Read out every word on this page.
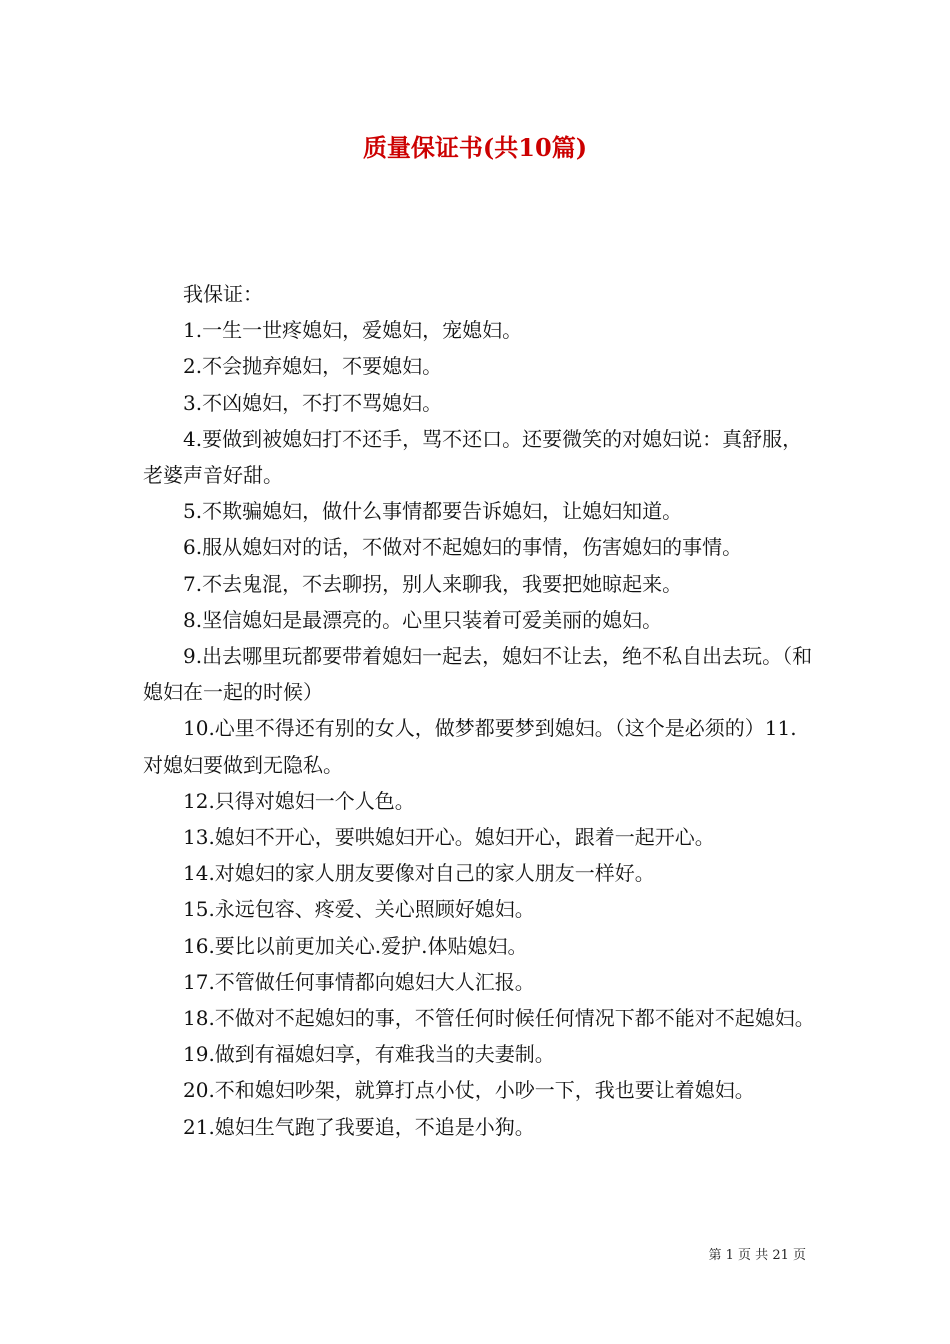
质量保证书(共10篇)

我保证：

1.一生一世疼媳妇，爱媳妇，宠媳妇。

2.不会抛弃媳妇，不要媳妇。

3.不凶媳妇，不打不骂媳妇。

4.要做到被媳妇打不还手，骂不还口。还要微笑的对媳妇说：真舒服，老婆声音好甜。

5.不欺骗媳妇，做什么事情都要告诉媳妇，让媳妇知道。

6.服从媳妇对的话，不做对不起媳妇的事情，伤害媳妇的事情。

7.不去鬼混，不去聊拐，别人来聊我，我要把她晾起来。

8.坚信媳妇是最漂亮的。心里只装着可爱美丽的媳妇。

9.出去哪里玩都要带着媳妇一起去，媳妇不让去，绝不私自出去玩。（和媳妇在一起的时候）

10.心里不得还有别的女人，做梦都要梦到媳妇。（这个是必须的）11.对媳妇要做到无隐私。

12.只得对媳妇一个人色。

13.媳妇不开心，要哄媳妇开心。媳妇开心，跟着一起开心。

14.对媳妇的家人朋友要像对自己的家人朋友一样好。

15.永远包容、疼爱、关心照顾好媳妇。

16.要比以前更加关心.爱护.体贴媳妇。

17.不管做任何事情都向媳妇大人汇报。

18.不做对不起媳妇的事，不管任何时候任何情况下都不能对不起媳妇。

19.做到有福媳妇享，有难我当的夫妻制。

20.不和媳妇吵架，就算打点小仗，小吵一下，我也要让着媳妇。

21.媳妇生气跑了我要追，不追是小狗。

第 1 页 共 21 页
